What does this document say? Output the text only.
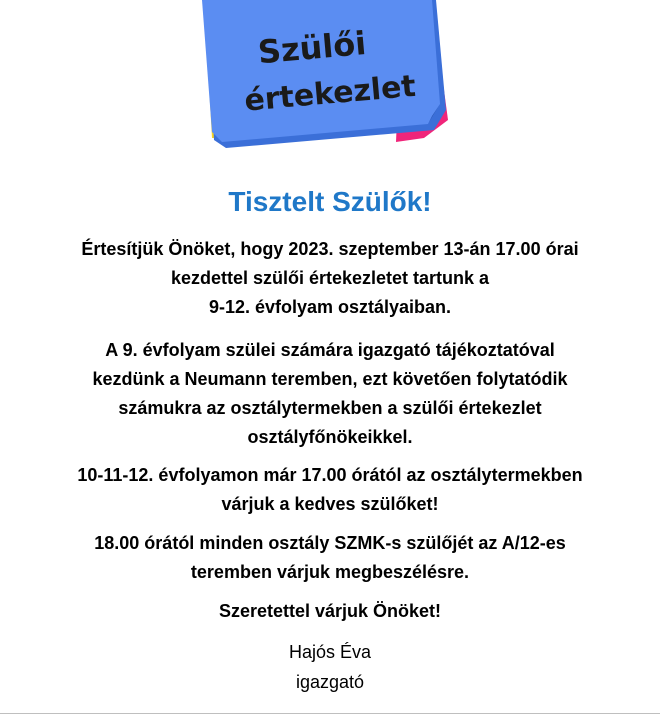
Szülői
értekezlet
Tisztelt Szülők!

Értesítjük Önöket, hogy 2023. szeptember 13-án 17.00 órai
kezdettel szülői értekezletet tartunk a
9-12. évfolyam osztályaiban.

A 9. évfolyam szülei számára igazgató tájékoztatóval
kezdünk a Neumann teremben, ezt követően folytatódik
számukra az osztálytermekben a szülői értekezlet
osztályfőnökeikkel.

10-11-12. évfolyamon már 17.00 órától az osztálytermekben
várjuk a kedves szülőket!

18.00 órától minden osztály SZMK-s szülőjét az A/12-es
teremben várjuk megbeszélésre.

Szeretettel várjuk Önöket!

Hajós Éva
igazgató
